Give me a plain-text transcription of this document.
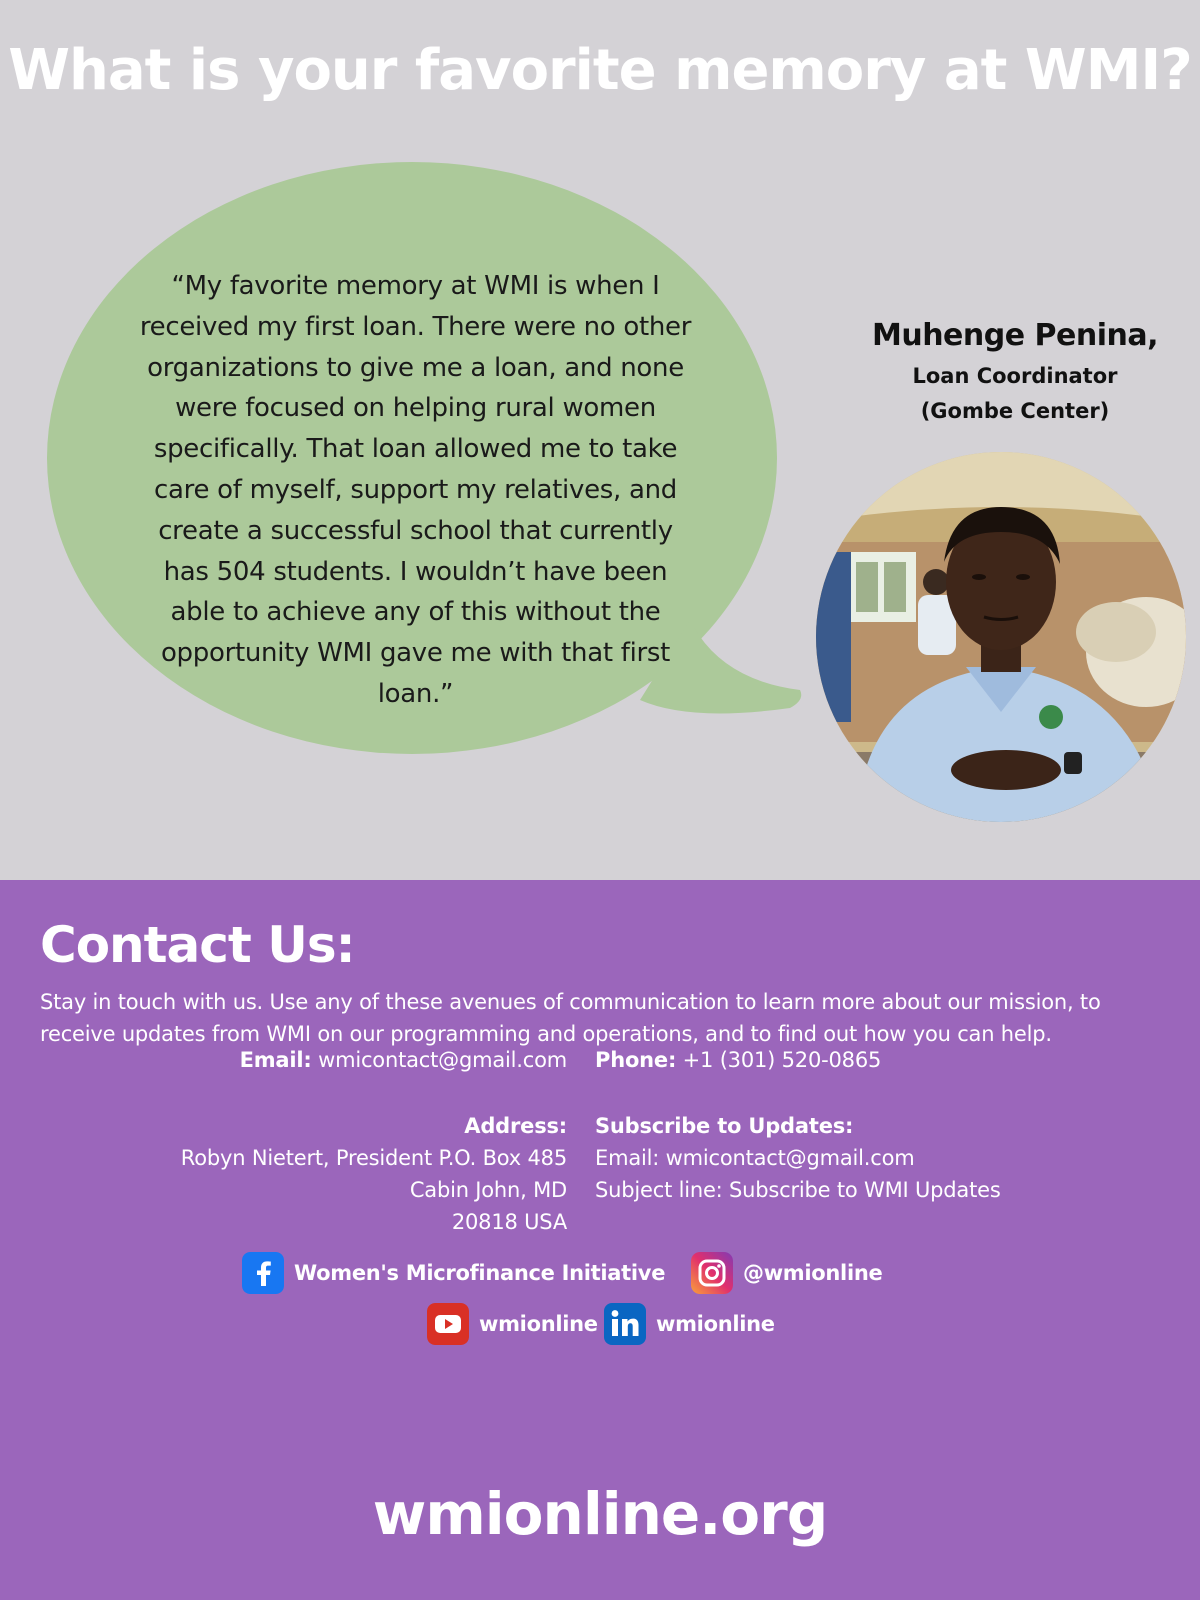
What is your favorite memory at WMI?
“My favorite memory at WMI is when I
received my first loan. There were no other
organizations to give me a loan, and none
were focused on helping rural women
specifically. That loan allowed me to take
care of myself, support my relatives, and
create a successful school that currently
has 504 students. I wouldn’t have been
able to achieve any of this without the
opportunity WMI gave me with that first
loan.”
Muhenge Penina,
Loan Coordinator
(Gombe Center)
Contact Us:

Stay in touch with us. Use any of these avenues of communication to learn more about our mission, to receive updates from WMI on our programming and operations, and to find out how you can help.

Email: wmicontact@gmail.com Phone: +1 (301) 520-0865
Address:
Robyn Nietert, President P.O. Box 485
Cabin John, MD
20818 USA
Subscribe to Updates:
Email: wmicontact@gmail.com
Subject line: Subscribe to WMI Updates
Women's Microfinance Initiative	@wmionline
wmionline	wmionline
wmionline.org
